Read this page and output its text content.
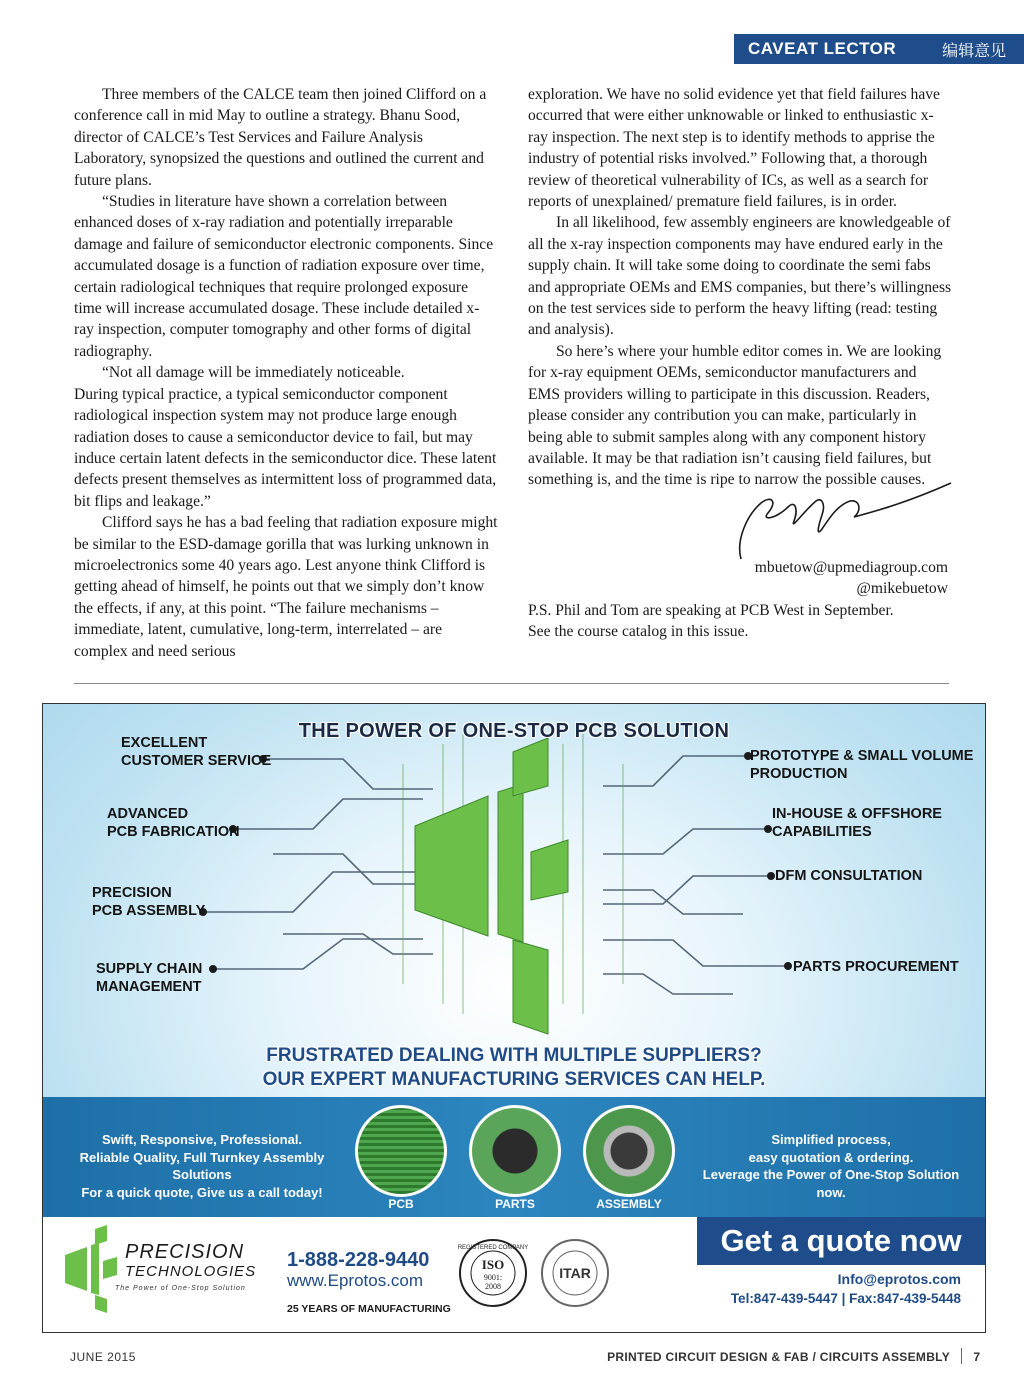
CAVEAT LECTOR	编辑意见

Three members of the CALCE team then joined Clifford on a conference call in mid May to outline a strategy. Bhanu Sood, director of CALCE’s Test Services and Failure Analysis Laboratory, synopsized the questions and outlined the current and future plans.

“Studies in literature have shown a correlation between enhanced doses of x-ray radiation and potentially irreparable damage and failure of semiconductor electronic components. Since accumulated dosage is a function of radiation exposure over time, certain radiological techniques that require prolonged exposure time will increase accumulated dosage. These include detailed x-ray inspection, computer tomography and other forms of digital radiography.

“Not all damage will be immediately noticeable.

During typical practice, a typical semiconductor component radiological inspection system may not produce large enough radiation doses to cause a semiconductor device to fail, but may induce certain latent defects in the semiconductor dice. These latent defects present themselves as intermittent loss of programmed data, bit flips and leakage.”

Clifford says he has a bad feeling that radiation exposure might be similar to the ESD-damage gorilla that was lurking unknown in microelectronics some 40 years ago. Lest anyone think Clifford is getting ahead of himself, he points out that we simply don’t know the effects, if any, at this point. “The failure mechanisms – immediate, latent, cumulative, long-term, interrelated – are complex and need serious

exploration. We have no solid evidence yet that field failures have occurred that were either unknowable or linked to enthusiastic x-ray inspection. The next step is to identify methods to apprise the industry of potential risks involved.” Following that, a thorough review of theoretical vulnerability of ICs, as well as a search for reports of unexplained/ premature field failures, is in order.

In all likelihood, few assembly engineers are knowledgeable of all the x-ray inspection components may have endured early in the supply chain. It will take some doing to coordinate the semi fabs and appropriate OEMs and EMS companies, but there’s willingness on the test services side to perform the heavy lifting (read: testing and analysis).

So here’s where your humble editor comes in. We are looking for x-ray equipment OEMs, semiconductor manufacturers and EMS providers willing to participate in this discussion. Readers, please consider any contribution you can make, particularly in being able to submit samples along with any component history available. It may be that radiation isn’t causing field failures, but something is, and the time is ripe to narrow the possible causes.

mbuetow@upmediagroup.com
@mikebuetow

P.S. Phil and Tom are speaking at PCB West in September.

See the course catalog in this issue.

THE POWER OF ONE-STOP PCB SOLUTION
EXCELLENT
CUSTOMER SERVICE
ADVANCED
PCB FABRICATION
PRECISION
PCB ASSEMBLY
SUPPLY CHAIN
MANAGEMENT
PROTOTYPE & SMALL VOLUME
PRODUCTION
IN-HOUSE & OFFSHORE
CAPABILITIES
DFM CONSULTATION
PARTS PROCUREMENT
FRUSTRATED DEALING WITH MULTIPLE SUPPLIERS?
OUR EXPERT MANUFACTURING SERVICES CAN HELP.
Swift, Responsive, Professional.
Reliable Quality, Full Turnkey Assembly Solutions
For a quick quote, Give us a call today!
PCB	PARTS	ASSEMBLY
Simplified process,
easy quotation & ordering.
Leverage the Power of One-Stop Solution now.
PRECISION
TECHNOLOGIES
The Power of One-Stop Solution
1-888-228-9440
www.Eprotos.com
25 YEARS OF MANUFACTURING
ISO
9001:
2008
REGISTERED COMPANY
ITAR
Get a quote now
Info@eprotos.com
Tel:847-439-5447 | Fax:847-439-5448
JUNE 2015	PRINTED CIRCUIT DESIGN & FAB / CIRCUITS ASSEMBLY 7
